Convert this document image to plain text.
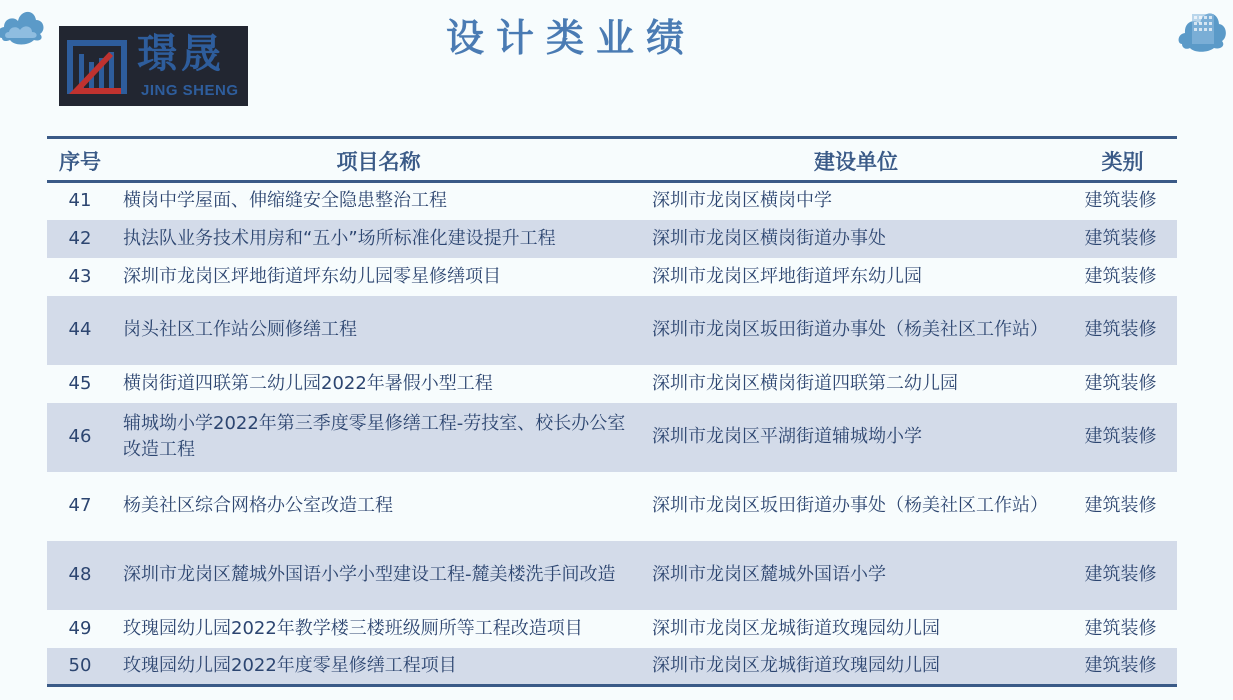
璟晟
JING SHENG
设计类业绩
序号	项目名称	建设单位	类别
41	横岗中学屋面、伸缩缝安全隐患整治工程	深圳市龙岗区横岗中学	建筑装修
42	执法队业务技术用房和“五小”场所标准化建设提升工程	深圳市龙岗区横岗街道办事处	建筑装修
43	深圳市龙岗区坪地街道坪东幼儿园零星修缮项目	深圳市龙岗区坪地街道坪东幼儿园	建筑装修
44	岗头社区工作站公厕修缮工程	深圳市龙岗区坂田街道办事处（杨美社区工作站）	建筑装修
45	横岗街道四联第二幼儿园2022年暑假小型工程	深圳市龙岗区横岗街道四联第二幼儿园	建筑装修
46	辅城坳小学2022年第三季度零星修缮工程-劳技室、校长办公室改造工程	深圳市龙岗区平湖街道辅城坳小学	建筑装修
47	杨美社区综合网格办公室改造工程	深圳市龙岗区坂田街道办事处（杨美社区工作站）	建筑装修
48	深圳市龙岗区麓城外国语小学小型建设工程-麓美楼洗手间改造	深圳市龙岗区麓城外国语小学	建筑装修
49	玫瑰园幼儿园2022年教学楼三楼班级厕所等工程改造项目	深圳市龙岗区龙城街道玫瑰园幼儿园	建筑装修
50	玫瑰园幼儿园2022年度零星修缮工程项目	深圳市龙岗区龙城街道玫瑰园幼儿园	建筑装修
